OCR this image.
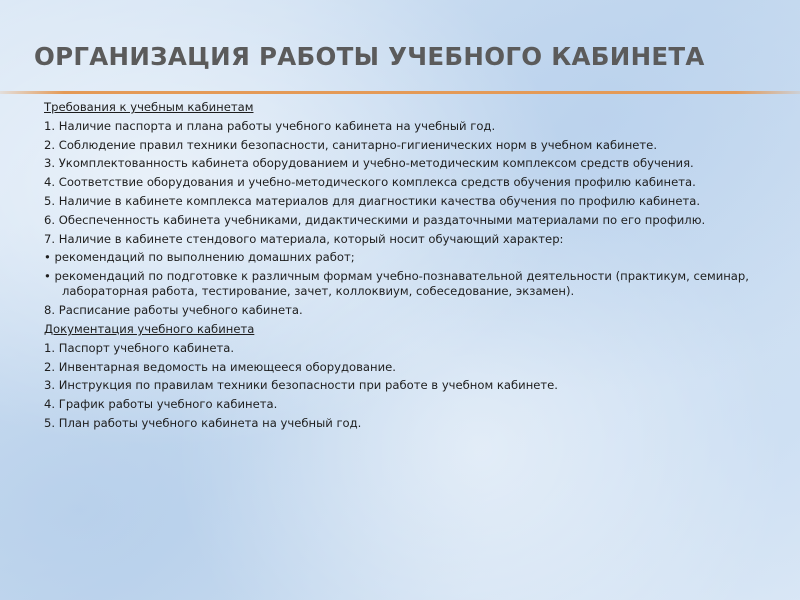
ОРГАНИЗАЦИЯ РАБОТЫ УЧЕБНОГО КАБИНЕТА
Требования к учебным кабинетам
1. Наличие паспорта и плана работы учебного кабинета на учебный год.
2. Соблюдение правил техники безопасности, санитарно-гигиенических норм в учебном кабинете.
3. Укомплектованность кабинета оборудованием и учебно-методическим комплексом средств обучения.
4. Соответствие оборудования и учебно-методического комплекса средств обучения профилю кабинета.
5. Наличие в кабинете комплекса материалов для диагностики качества обучения по профилю кабинета.
6. Обеспеченность кабинета учебниками, дидактическими и раздаточными материалами по его профилю.
7. Наличие в кабинете стендового материала, который носит обучающий характер:
• рекомендаций по выполнению домашних работ;
• рекомендаций по подготовке к различным формам учебно-познавательной деятельности (практикум, семинар, лабораторная работа, тестирование, зачет, коллоквиум, собеседование, экзамен).
8. Расписание работы учебного кабинета.
Документация учебного кабинета
1. Паспорт учебного кабинета.
2. Инвентарная ведомость на имеющееся оборудование.
3. Инструкция по правилам техники безопасности при работе в учебном кабинете.
4. График работы учебного кабинета.
5. План работы учебного кабинета на учебный год.
